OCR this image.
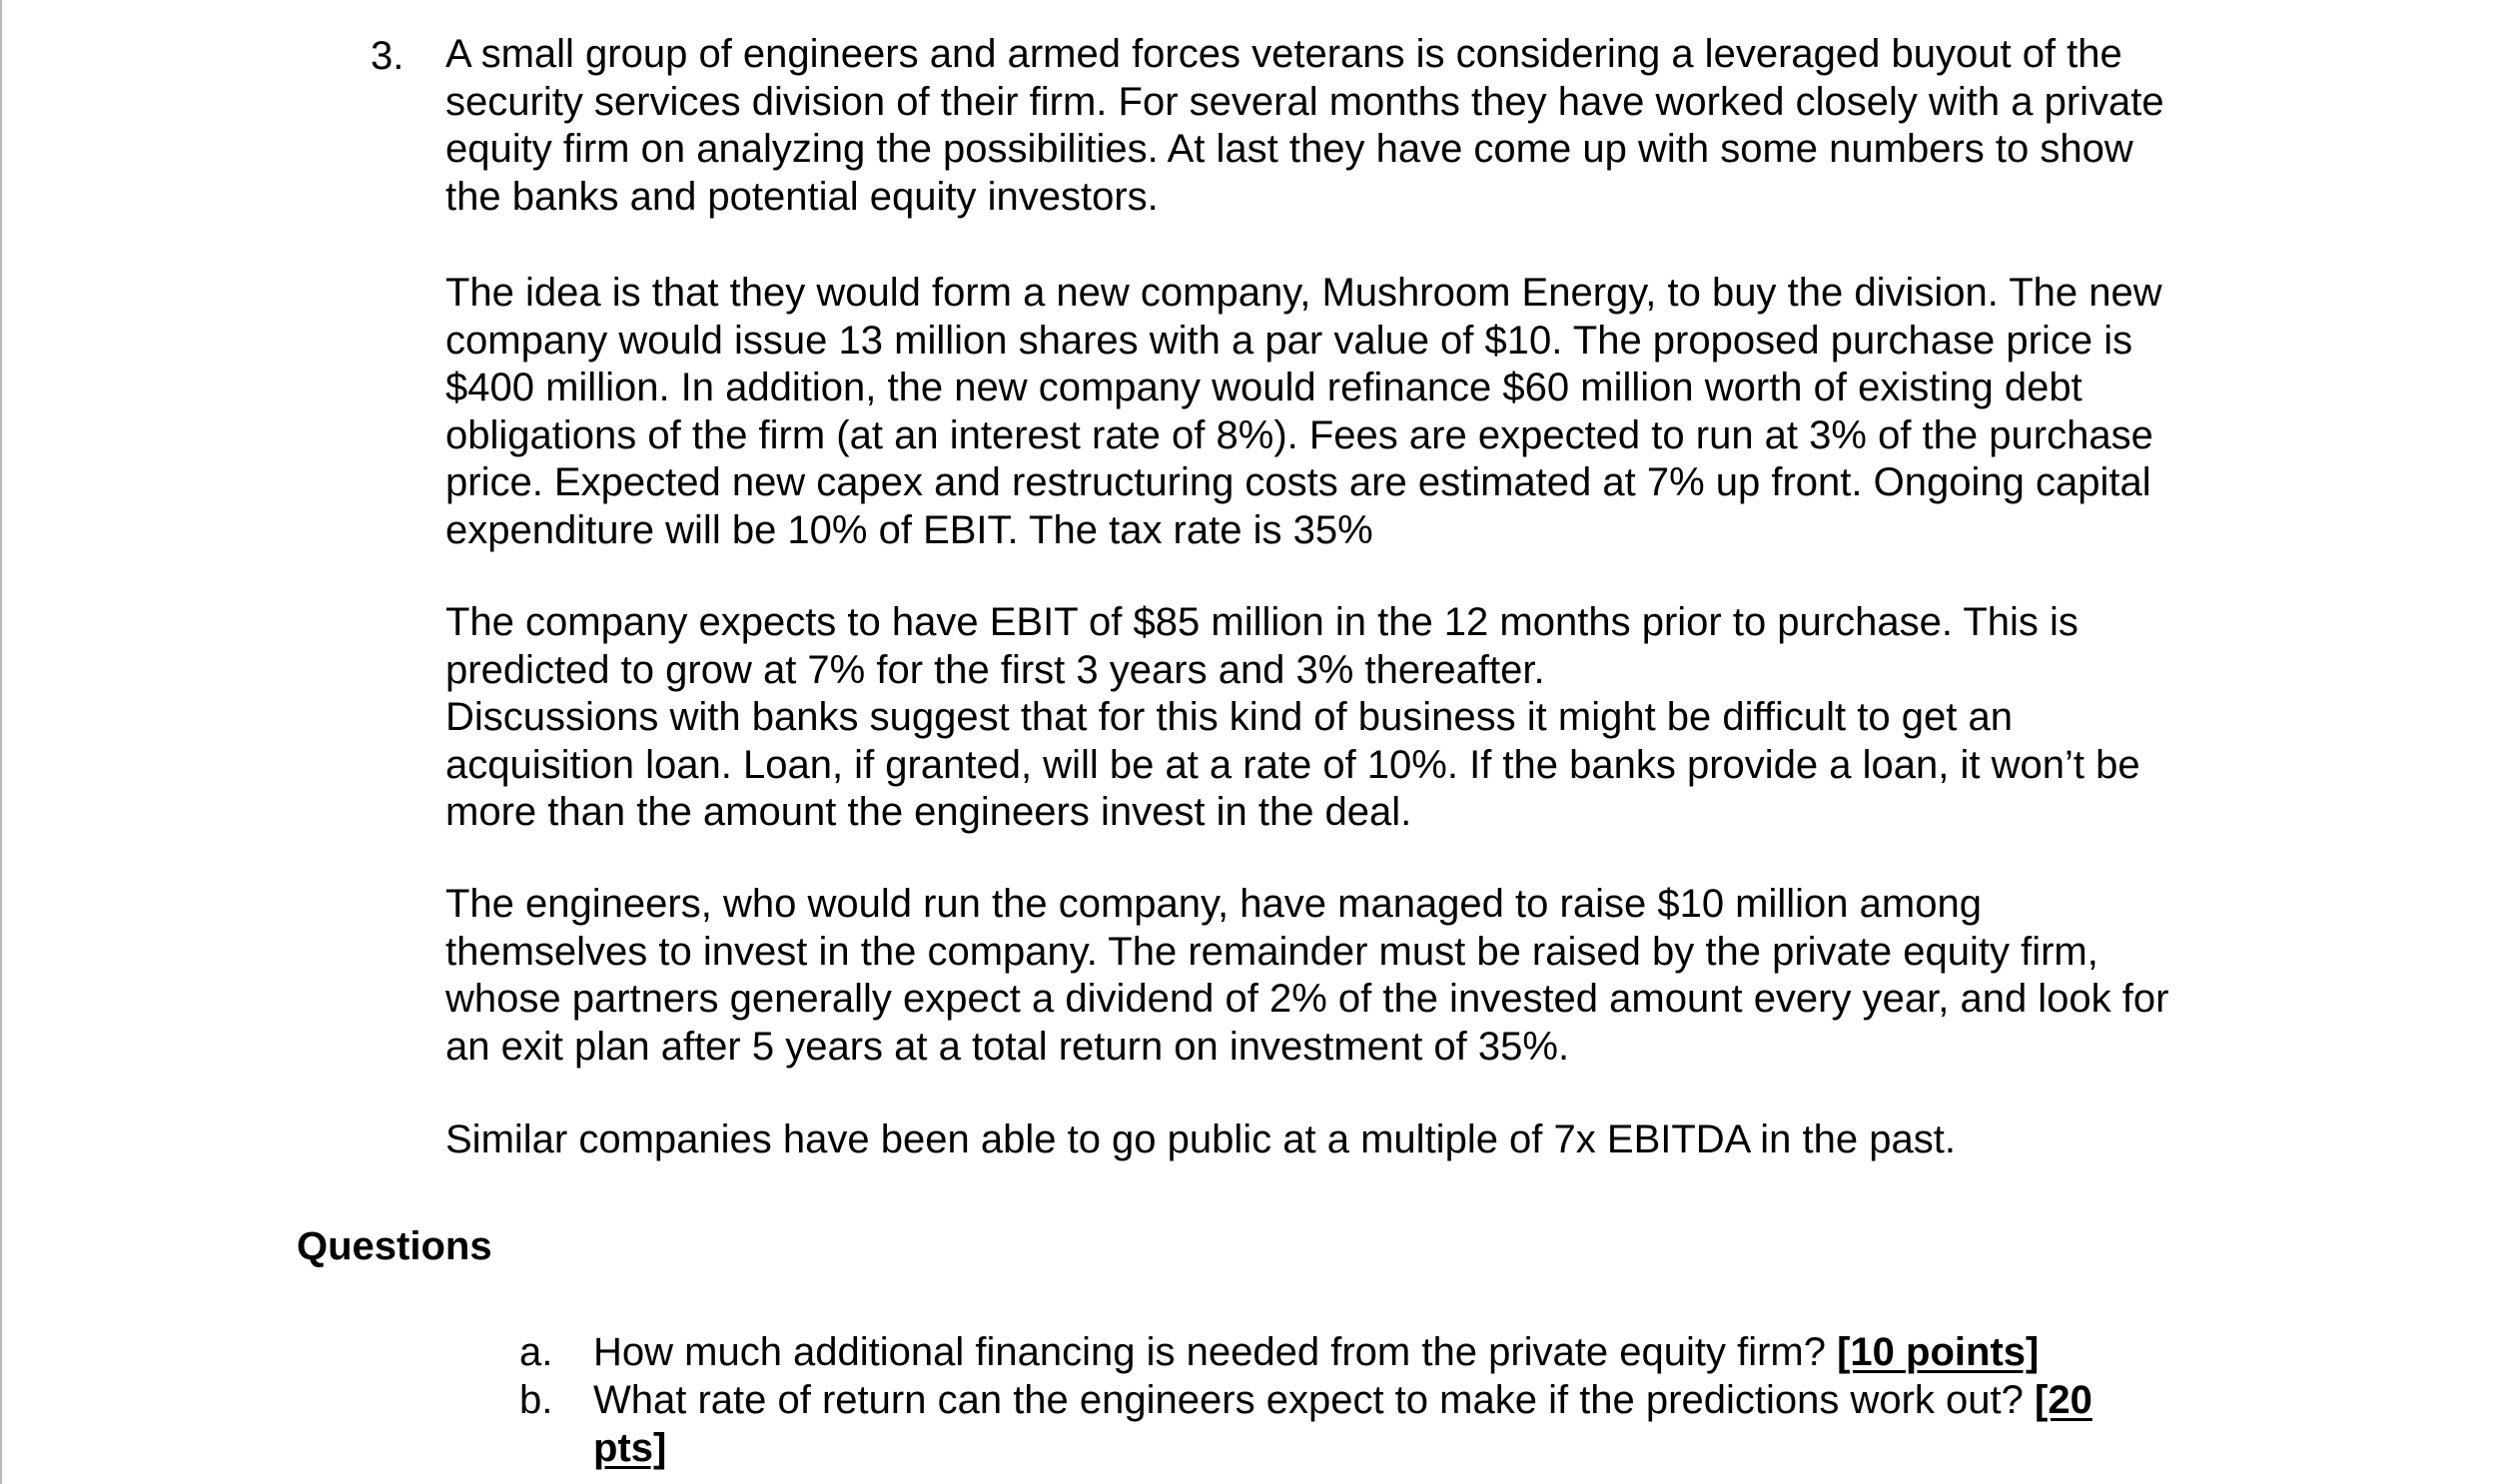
3. A small group of engineers and armed forces veterans is considering a leveraged buyout of the
security services division of their firm. For several months they have worked closely with a private
equity firm on analyzing the possibilities. At last they have come up with some numbers to show
the banks and potential equity investors.
The idea is that they would form a new company, Mushroom Energy, to buy the division. The new
company would issue 13 million shares with a par value of $10. The proposed purchase price is
$400 million. In addition, the new company would refinance $60 million worth of existing debt
obligations of the firm (at an interest rate of 8%). Fees are expected to run at 3% of the purchase
price. Expected new capex and restructuring costs are estimated at 7% up front. Ongoing capital
expenditure will be 10% of EBIT. The tax rate is 35%
The company expects to have EBIT of $85 million in the 12 months prior to purchase. This is
predicted to grow at 7% for the first 3 years and 3% thereafter.
Discussions with banks suggest that for this kind of business it might be difficult to get an
acquisition loan. Loan, if granted, will be at a rate of 10%. If the banks provide a loan, it won’t be
more than the amount the engineers invest in the deal.
The engineers, who would run the company, have managed to raise $10 million among
themselves to invest in the company. The remainder must be raised by the private equity firm,
whose partners generally expect a dividend of 2% of the invested amount every year, and look for
an exit plan after 5 years at a total return on investment of 35%.
Similar companies have been able to go public at a multiple of 7x EBITDA in the past.
Questions
a. How much additional financing is needed from the private equity firm? [10 points]
b. What rate of return can the engineers expect to make if the predictions work out? [20
pts]
